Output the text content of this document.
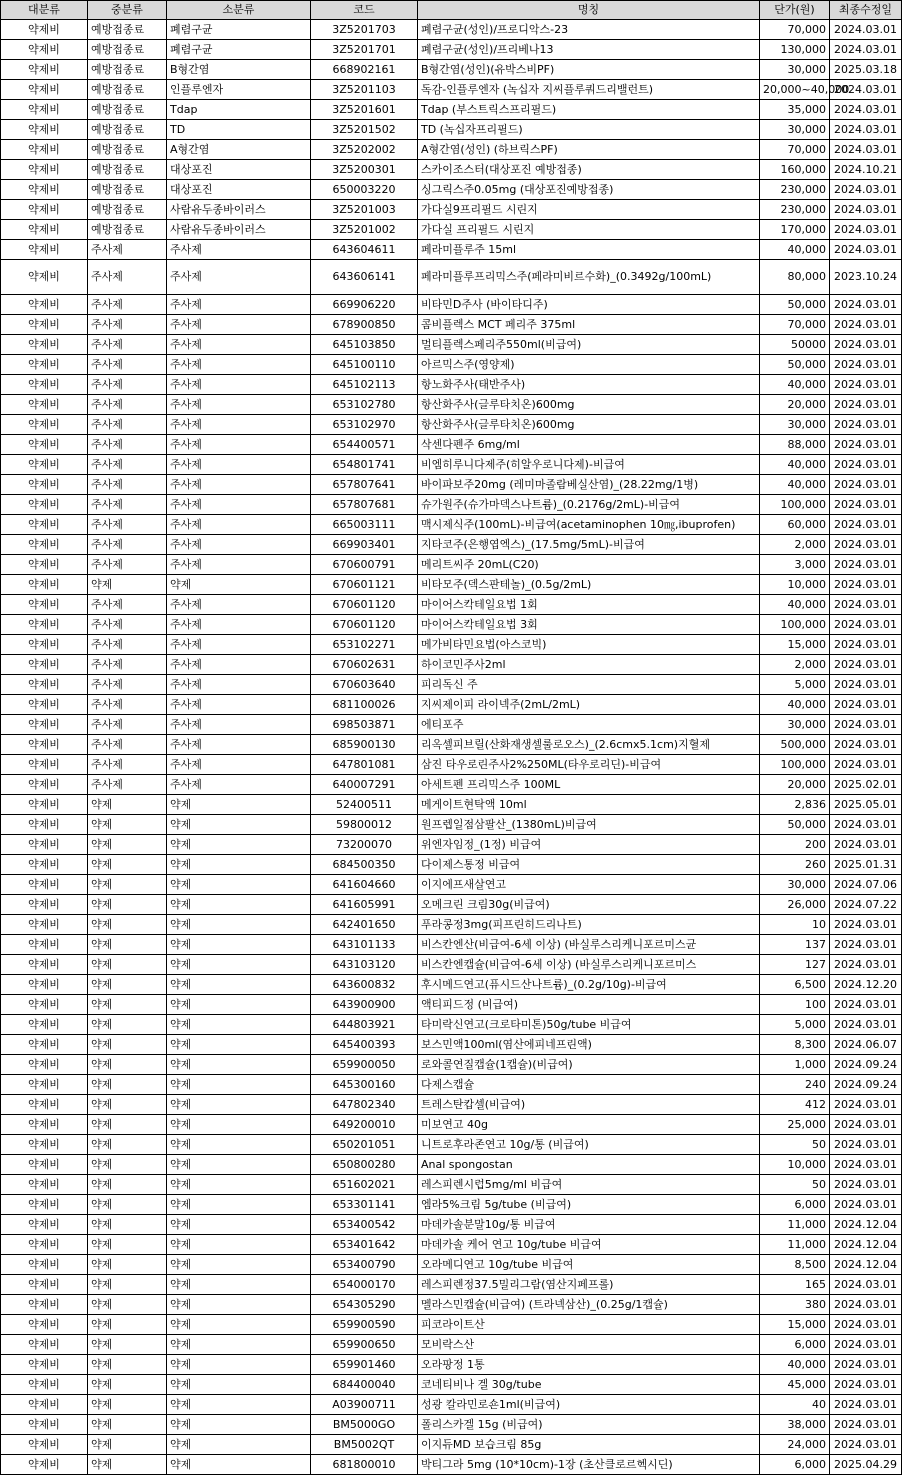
대분류	중분류	소분류	코드	명칭	단가(원)	최종수정일
약제비	예방접종료	폐렴구균	3Z5201703	폐렴구균(성인)/프로디악스-23	70,000	2024.03.01
약제비	예방접종료	폐렴구균	3Z5201701	폐렴구균(성인)/프리베나13	130,000	2024.03.01
약제비	예방접종료	B형간염	668902161	B형간염(성인)(유박스비PF)	30,000	2025.03.18
약제비	예방접종료	인플루엔자	3Z5201103	독감-인플루엔자 (녹십자 지씨플루쿼드리밸런트)	20,000~40,000	2024.03.01
약제비	예방접종료	Tdap	3Z5201601	Tdap (부스트릭스프리필드)	35,000	2024.03.01
약제비	예방접종료	TD	3Z5201502	TD (녹십자프리필드)	30,000	2024.03.01
약제비	예방접종료	A형간염	3Z5202002	A형간염(성인) (하브릭스PF)	70,000	2024.03.01
약제비	예방접종료	대상포진	3Z5200301	스카이조스터(대상포진 예방접종)	160,000	2024.10.21
약제비	예방접종료	대상포진	650003220	싱그릭스주0.05mg (대상포진예방접종)	230,000	2024.03.01
약제비	예방접종료	사람유두종바이러스	3Z5201003	가다실9프리필드 시린지	230,000	2024.03.01
약제비	예방접종료	사람유두종바이러스	3Z5201002	가다실 프리필드 시린지	170,000	2024.03.01
약제비	주사제	주사제	643604611	페라미플루주 15ml	40,000	2024.03.01
약제비	주사제	주사제	643606141	페라미플루프리믹스주(페라미비르수화)_(0.3492g/100mL)	80,000	2023.10.24
약제비	주사제	주사제	669906220	비타민D주사 (바이타디주)	50,000	2024.03.01
약제비	주사제	주사제	678900850	콤비플렉스 MCT 페리주 375ml	70,000	2024.03.01
약제비	주사제	주사제	645103850	멀티플렉스페리주550ml(비급여)	50000	2024.03.01
약제비	주사제	주사제	645100110	아르믹스주(영양제)	50,000	2024.03.01
약제비	주사제	주사제	645102113	항노화주사(태반주사)	40,000	2024.03.01
약제비	주사제	주사제	653102780	항산화주사(글루타치온)600mg	20,000	2024.03.01
약제비	주사제	주사제	653102970	항산화주사(글루타치온)600mg	30,000	2024.03.01
약제비	주사제	주사제	654400571	삭센다펜주 6mg/ml	88,000	2024.03.01
약제비	주사제	주사제	654801741	비엠히루니다제주(히알우로니다제)-비급여	40,000	2024.03.01
약제비	주사제	주사제	657807641	바이파보주20mg (레미마졸람베실산염)_(28.22mg/1병)	40,000	2024.03.01
약제비	주사제	주사제	657807681	슈가원주(슈가마덱스나트륨)_(0.2176g/2mL)-비급여	100,000	2024.03.01
약제비	주사제	주사제	665003111	맥시제식주(100mL)-비급여(acetaminophen 10㎎,ibuprofen)	60,000	2024.03.01
약제비	주사제	주사제	669903401	지타코주(은행엽엑스)_(17.5mg/5mL)-비급여	2,000	2024.03.01
약제비	주사제	주사제	670600791	메리트씨주 20mL(C20)	3,000	2024.03.01
약제비	약제	약제	670601121	비타모주(덱스판테놀)_(0.5g/2mL)	10,000	2024.03.01
약제비	주사제	주사제	670601120	마이어스칵테일요법 1회	40,000	2024.03.01
약제비	주사제	주사제	670601120	마이어스칵테일요법 3회	100,000	2024.03.01
약제비	주사제	주사제	653102271	메가비타민요법(아스코빅)	15,000	2024.03.01
약제비	주사제	주사제	670602631	하이코민주사2ml	2,000	2024.03.01
약제비	주사제	주사제	670603640	피리독신 주	5,000	2024.03.01
약제비	주사제	주사제	681100026	지씨제이피 라이넥주(2mL/2mL)	40,000	2024.03.01
약제비	주사제	주사제	698503871	에티포주	30,000	2024.03.01
약제비	주사제	주사제	685900130	리옥셀피브릴(산화재생셀룰로오스)_(2.6cmx5.1cm)지혈제	500,000	2024.03.01
약제비	주사제	주사제	647801081	삼진 타우로린주사2%250ML(타우로리딘)-비급여	100,000	2024.03.01
약제비	주사제	주사제	640007291	아세트펜 프리믹스주 100ML	20,000	2025.02.01
약제비	약제	약제	52400511	메게이트현탁액 10ml	2,836	2025.05.01
약제비	약제	약제	59800012	원프렙일점삼팔산_(1380mL)비급여	50,000	2024.03.01
약제비	약제	약제	73200070	위엔자임정_(1정) 비급여	200	2024.03.01
약제비	약제	약제	684500350	다이제스통정 비급여	260	2025.01.31
약제비	약제	약제	641604660	이지에프새살연고	30,000	2024.07.06
약제비	약제	약제	641605991	오메크린 크림30g(비급여)	26,000	2024.07.22
약제비	약제	약제	642401650	푸라콩정3mg(피프린히드리나트)	10	2024.03.01
약제비	약제	약제	643101133	비스칸엔산(비급여-6세 이상) (바실루스리케니포르미스균	137	2024.03.01
약제비	약제	약제	643103120	비스칸엔캡슐(비급여-6세 이상) (바실루스리케니포르미스	127	2024.03.01
약제비	약제	약제	643600832	후시메드연고(퓨시드산나트륨)_(0.2g/10g)-비급여	6,500	2024.12.20
약제비	약제	약제	643900900	액티피드정 (비급여)	100	2024.03.01
약제비	약제	약제	644803921	타미락신연고(크로타미톤)50g/tube 비급여	5,000	2024.03.01
약제비	약제	약제	645400393	보스민액100ml(염산에피네프린액)	8,300	2024.06.07
약제비	약제	약제	659900050	로와콜연질캡슐(1캡슐)(비급여)	1,000	2024.09.24
약제비	약제	약제	645300160	다제스캡슐	240	2024.09.24
약제비	약제	약제	647802340	트레스탄캅셀(비급여)	412	2024.03.01
약제비	약제	약제	649200010	미보연고 40g	25,000	2024.03.01
약제비	약제	약제	650201051	니트로후라존연고 10g/통 (비급여)	50	2024.03.01
약제비	약제	약제	650800280	Anal spongostan	10,000	2024.03.01
약제비	약제	약제	651602021	레스피렌시럽5mg/ml 비급여	50	2024.03.01
약제비	약제	약제	653301141	엠라5%크림 5g/tube (비급여)	6,000	2024.03.01
약제비	약제	약제	653400542	마데카솔분말10g/통 비급여	11,000	2024.12.04
약제비	약제	약제	653401642	마데카솔 케어 연고 10g/tube 비급여	11,000	2024.12.04
약제비	약제	약제	653400790	오라메디연고 10g/tube 비급여	8,500	2024.12.04
약제비	약제	약제	654000170	레스피렌정37.5밀리그람(염산지페프롤)	165	2024.03.01
약제비	약제	약제	654305290	멜라스민캡슐(비급여) (트라넥삼산)_(0.25g/1캡슐)	380	2024.03.01
약제비	약제	약제	659900590	피코라이트산	15,000	2024.03.01
약제비	약제	약제	659900650	모비락스산	6,000	2024.03.01
약제비	약제	약제	659901460	오라팡정 1통	40,000	2024.03.01
약제비	약제	약제	684400040	코네티비나 겔 30g/tube	45,000	2024.03.01
약제비	약제	약제	A03900711	성광 칼라민로숀1ml(비급여)	40	2024.03.01
약제비	약제	약제	BM5000GO	폴리스카겔 15g (비급여)	38,000	2024.03.01
약제비	약제	약제	BM5002QT	이지듀MD 보습크림 85g	24,000	2024.03.01
약제비	약제	약제	681800010	박티그라 5mg (10*10cm)-1장 (초산클로르헥시딘)	6,000	2025.04.29
